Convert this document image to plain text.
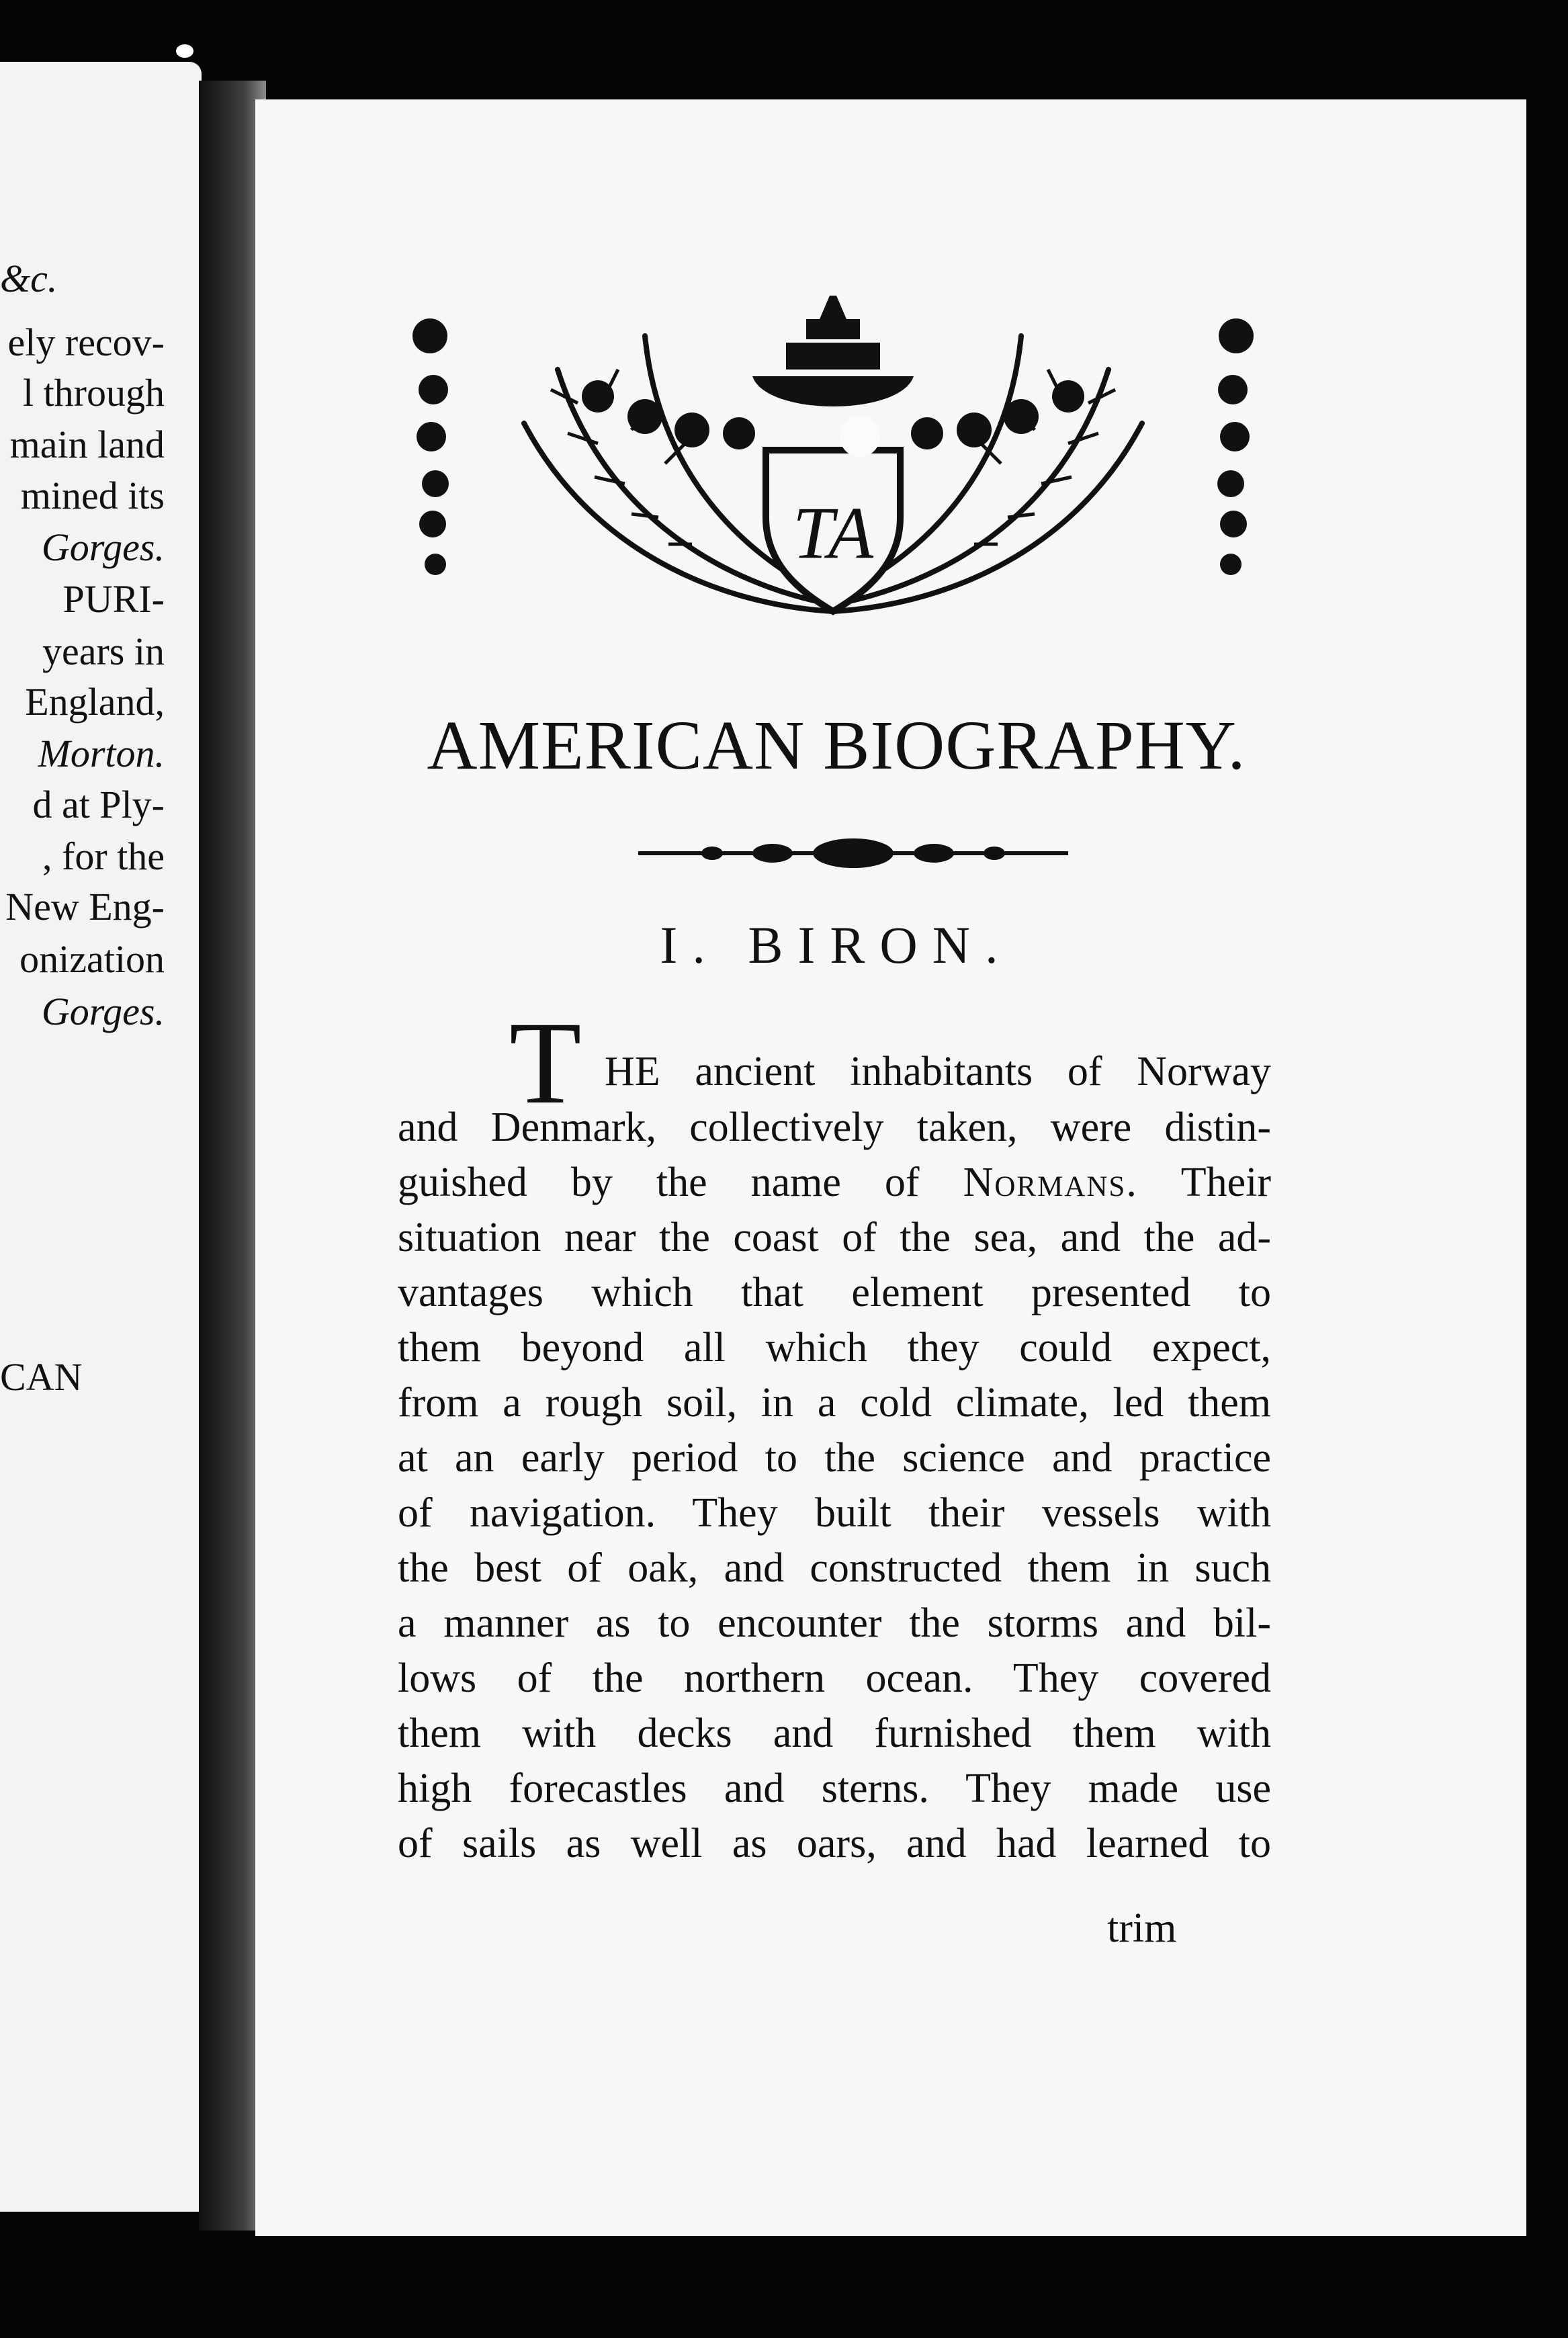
&c.
ely recov-
l through
main land
mined its
Gorges.
PURI-
years in
England,
Morton.
d at Ply-
, for the
New Eng-
onization
Gorges.
CAN
TA
AMERICAN BIOGRAPHY.
I. BIRON.
T HE ancient inhabitants of Norway
and Denmark, collectively taken, were distin-
guished by the name of Normans. Their
situation near the coast of the sea, and the ad-
vantages which that element presented to
them beyond all which they could expect,
from a rough soil, in a cold climate, led them
at an early period to the science and practice
of navigation. They built their vessels with
the best of oak, and constructed them in such
a manner as to encounter the storms and bil-
lows of the northern ocean. They covered
them with decks and furnished them with
high forecastles and sterns. They made use
of sails as well as oars, and had learned to
trim
